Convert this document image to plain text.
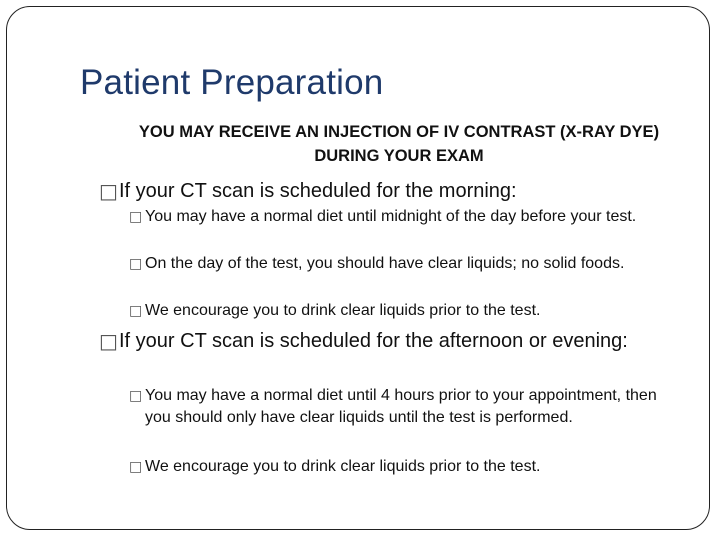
Patient Preparation
YOU MAY RECEIVE AN INJECTION OF IV CONTRAST (X-RAY DYE) DURING YOUR EXAM
□ If your CT scan is scheduled for the morning:
□ You may have a normal diet until midnight of the day before your test.
□ On the day of the test, you should have clear liquids; no solid foods.
□ We encourage you to drink clear liquids prior to the test.
□ If your CT scan is scheduled for the afternoon or evening:
□ You may have a normal diet until 4 hours prior to your appointment, then you should only have clear liquids until the test is performed.
□ We encourage you to drink clear liquids prior to the test.
